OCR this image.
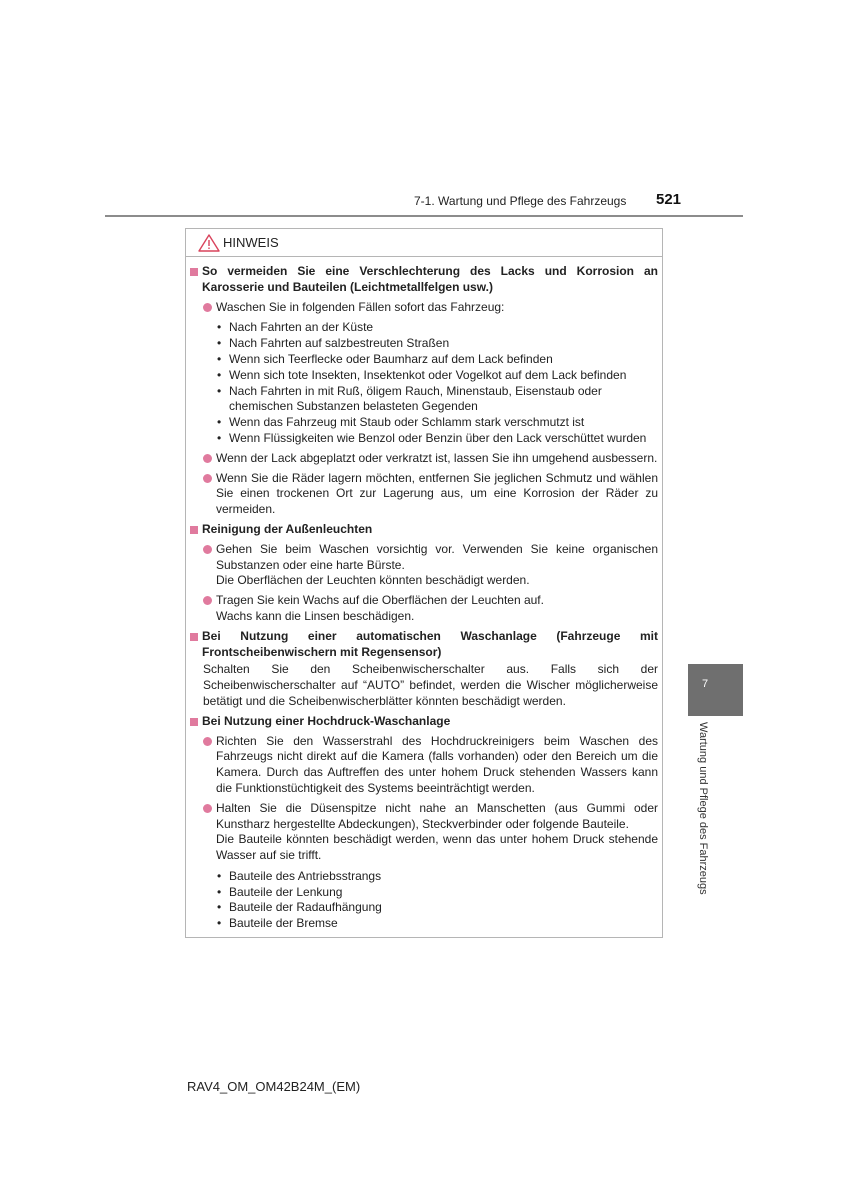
7-1. Wartung und Pflege des Fahrzeugs 521
7
Wartung und Pflege des Fahrzeugs
HINWEIS
So vermeiden Sie eine Verschlechterung des Lacks und Korrosion an Karosserie und Bauteilen (Leichtmetallfelgen usw.)
Waschen Sie in folgenden Fällen sofort das Fahrzeug:
• Nach Fahrten an der Küste
• Nach Fahrten auf salzbestreuten Straßen
• Wenn sich Teerflecke oder Baumharz auf dem Lack befinden
• Wenn sich tote Insekten, Insektenkot oder Vogelkot auf dem Lack befinden
• Nach Fahrten in mit Ruß, öligem Rauch, Minenstaub, Eisenstaub oder chemischen Substanzen belasteten Gegenden
• Wenn das Fahrzeug mit Staub oder Schlamm stark verschmutzt ist
• Wenn Flüssigkeiten wie Benzol oder Benzin über den Lack verschüttet wurden
Wenn der Lack abgeplatzt oder verkratzt ist, lassen Sie ihn umgehend ausbessern.
Wenn Sie die Räder lagern möchten, entfernen Sie jeglichen Schmutz und wählen Sie einen trockenen Ort zur Lagerung aus, um eine Korrosion der Räder zu vermeiden.
Reinigung der Außenleuchten
Gehen Sie beim Waschen vorsichtig vor. Verwenden Sie keine organischen Substanzen oder eine harte Bürste.
Die Oberflächen der Leuchten könnten beschädigt werden.
Tragen Sie kein Wachs auf die Oberflächen der Leuchten auf.
Wachs kann die Linsen beschädigen.
Bei Nutzung einer automatischen Waschanlage (Fahrzeuge mit Frontscheibenwischern mit Regensensor)
Schalten Sie den Scheibenwischerschalter aus. Falls sich der Scheibenwischerschalter auf “AUTO” befindet, werden die Wischer möglicherweise betätigt und die Scheibenwischerblätter könnten beschädigt werden.
Bei Nutzung einer Hochdruck-Waschanlage
Richten Sie den Wasserstrahl des Hochdruckreinigers beim Waschen des Fahrzeugs nicht direkt auf die Kamera (falls vorhanden) oder den Bereich um die Kamera. Durch das Auftreffen des unter hohem Druck stehenden Wassers kann die Funktionstüchtigkeit des Systems beeinträchtigt werden.
Halten Sie die Düsenspitze nicht nahe an Manschetten (aus Gummi oder Kunstharz hergestellte Abdeckungen), Steckverbinder oder folgende Bauteile.
Die Bauteile könnten beschädigt werden, wenn das unter hohem Druck stehende Wasser auf sie trifft.
• Bauteile des Antriebsstrangs
• Bauteile der Lenkung
• Bauteile der Radaufhängung
• Bauteile der Bremse
RAV4_OM_OM42B24M_(EM)
